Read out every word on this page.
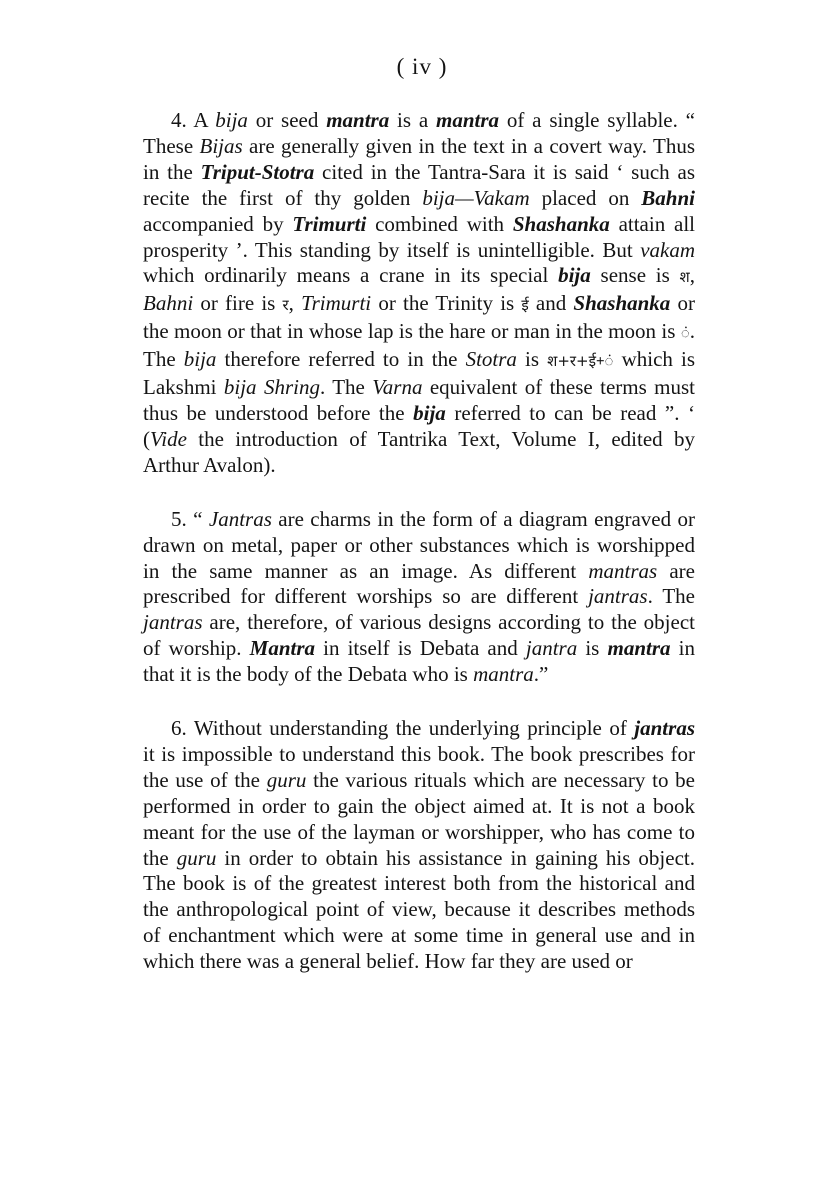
( iv )

4. A bija or seed mantra is a mantra of a single syllable. “ These Bijas are generally given in the text in a covert way. Thus in the Triput-Stotra cited in the Tantra-Sara it is said ‘ such as recite the first of thy golden bija—Vakam placed on Bahni accompanied by Trimurti combined with Shashanka attain all prosperity ’. This standing by itself is unintelligible. But vakam which ordinarily means a crane in its special bija sense is श, Bahni or fire is र, Trimurti or the Trinity is ई and Shashanka or the moon or that in whose lap is the hare or man in the moon is ं. The bija therefore referred to in the Stotra is श+र+ई+ं which is Lakshmi bija Shring. The Varna equivalent of these terms must thus be understood before the bija referred to can be read ”. ‘ (Vide the introduction of Tantrika Text, Volume I, edited by Arthur Avalon).

5. “ Jantras are charms in the form of a diagram engraved or drawn on metal, paper or other substances which is worshipped in the same manner as an image. As different mantras are prescribed for different worships so are different jantras. The jantras are, therefore, of various designs according to the object of worship. Mantra in itself is Debata and jantra is mantra in that it is the body of the Debata who is mantra.”

6. Without understanding the underlying principle of jantras it is impossible to understand this book. The book prescribes for the use of the guru the various rituals which are necessary to be performed in order to gain the object aimed at. It is not a book meant for the use of the layman or worshipper, who has come to the guru in order to obtain his assistance in gaining his object. The book is of the greatest interest both from the historical and the anthropological point of view, because it describes methods of enchantment which were at some time in general use and in which there was a general belief. How far they are used or
